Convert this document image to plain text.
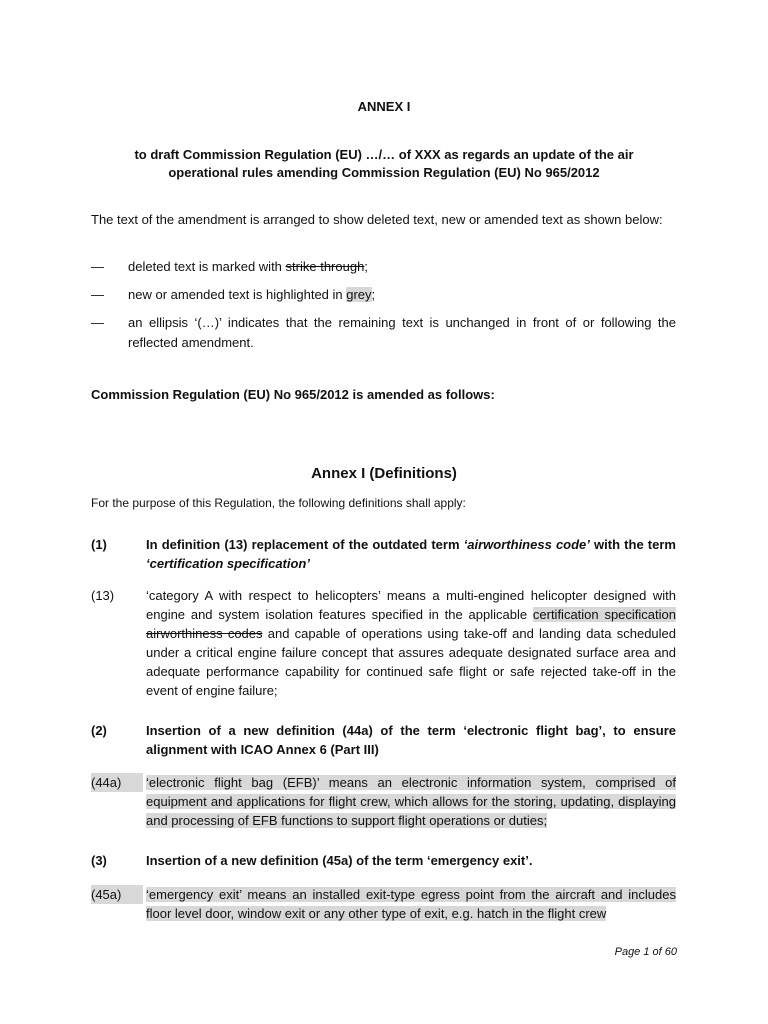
ANNEX I
to draft Commission Regulation (EU) …/… of XXX as regards an update of the air
operational rules amending Commission Regulation (EU) No 965/2012
The text of the amendment is arranged to show deleted text, new or amended text as shown below:
—	deleted text is marked with strike through;
—	new or amended text is highlighted in grey;
—	an ellipsis ‘(…)’ indicates that the remaining text is unchanged in front of or following the reflected amendment.
Commission Regulation (EU) No 965/2012 is amended as follows:
Annex I (Definitions)
For the purpose of this Regulation, the following definitions shall apply:
(1)	In definition (13) replacement of the outdated term ‘airworthiness code’ with the term ‘certification specification’
(13)	‘category A with respect to helicopters’ means a multi-engined helicopter designed with engine and system isolation features specified in the applicable certification specification airworthiness codes and capable of operations using take-off and landing data scheduled under a critical engine failure concept that assures adequate designated surface area and adequate performance capability for continued safe flight or safe rejected take-off in the event of engine failure;
(2)	Insertion of a new definition (44a) of the term ‘electronic flight bag’, to ensure alignment with ICAO Annex 6 (Part III)
(44a)	‘electronic flight bag (EFB)’ means an electronic information system, comprised of equipment and applications for flight crew, which allows for the storing, updating, displaying and processing of EFB functions to support flight operations or duties;
(3)	Insertion of a new definition (45a) of the term ‘emergency exit’.
(45a)	‘emergency exit’ means an installed exit-type egress point from the aircraft and includes floor level door, window exit or any other type of exit, e.g. hatch in the flight crew
Page 1 of 60
